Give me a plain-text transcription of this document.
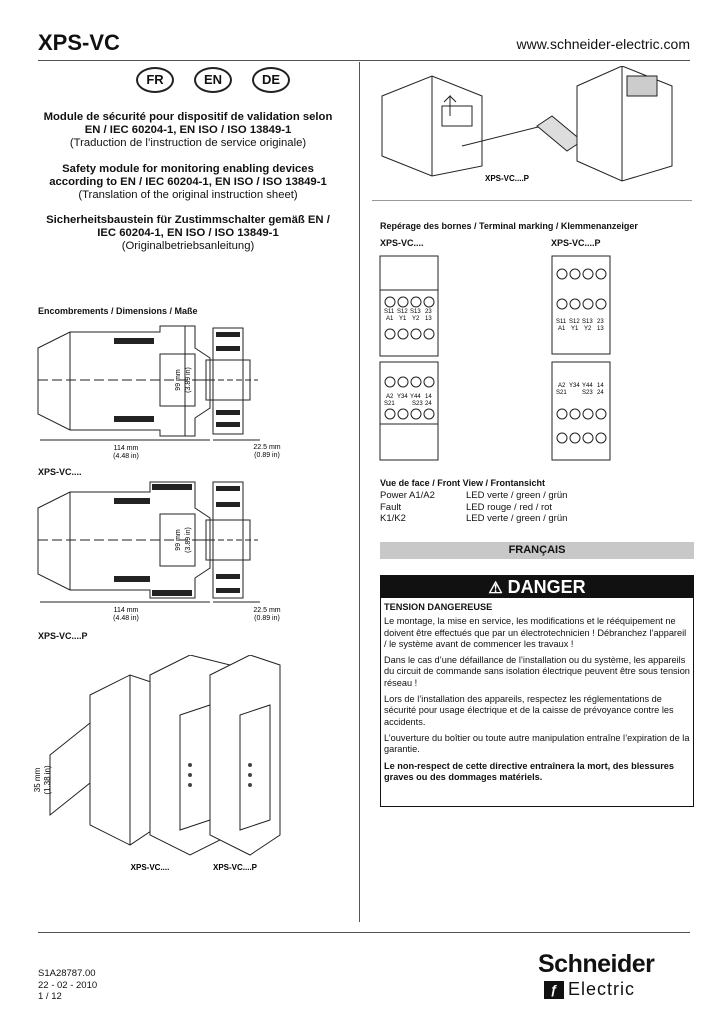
XPS-VC	www.schneider-electric.com
FR	EN	DE
Module de sécurité pour dispositif de validation selon EN / IEC 60204-1, EN ISO / ISO 13849-1
(Traduction de l’instruction de service originale)
Safety module for monitoring enabling devices according to EN / IEC 60204-1, EN ISO / ISO 13849-1
(Translation of the original instruction sheet)
Sicherheitsbaustein für Zustimmschalter gemäß EN / IEC 60204-1, EN ISO / ISO 13849-1
(Originalbetriebsanleitung)
Encombrements / Dimensions / Maße
114 mm
(4.48 in)
99 mm (3.89 in)
22.5 mm
(0.89 in)
XPS-VC....
114 mm
(4.48 in)
99 mm (3.89 in)
22.5 mm
(0.89 in)
XPS-VC....P
35 mm (1.38 in)
XPS-VC....	XPS-VC....P
XPS-VC....P
Repérage des bornes / Terminal marking / Klemmenanzeiger
XPS-VC....	XPS-VC....P
S11 S12 S13 23
A1 Y1 Y2 13
A2 Y34 Y44 14
S21	S23 24
S11 S12 S13 23
A1 Y1 Y2 13
A2 Y34 Y44 14
S21	S23 24
Vue de face / Front View / Frontansicht
Power A1/A2	LED verte / green / grün
Fault	LED rouge / red / rot
K1/K2	LED verte / green / grün
FRANÇAIS
⚠ DANGER

TENSION DANGEREUSE

Le montage, la mise en service, les modifications et le rééquipement ne doivent être effectués que par un électrotechnicien ! Débranchez l’appareil / le système avant de commencer les travaux !

Dans le cas d’une défaillance de l’installation ou du système, les appareils du circuit de commande sans isolation électrique peuvent être sous tension réseau !

Lors de l’installation des appareils, respectez les réglementations de sécurité pour usage électrique et de la caisse de prévoyance contre les accidents.

L’ouverture du boîtier ou toute autre manipulation entraîne l’expiration de la garantie.

Le non-respect de cette directive entraînera la mort, des blessures graves ou des dommages matériels.

S1A28787.00
22 - 02 - 2010
1 / 12
Schneider
ƒ Electric
